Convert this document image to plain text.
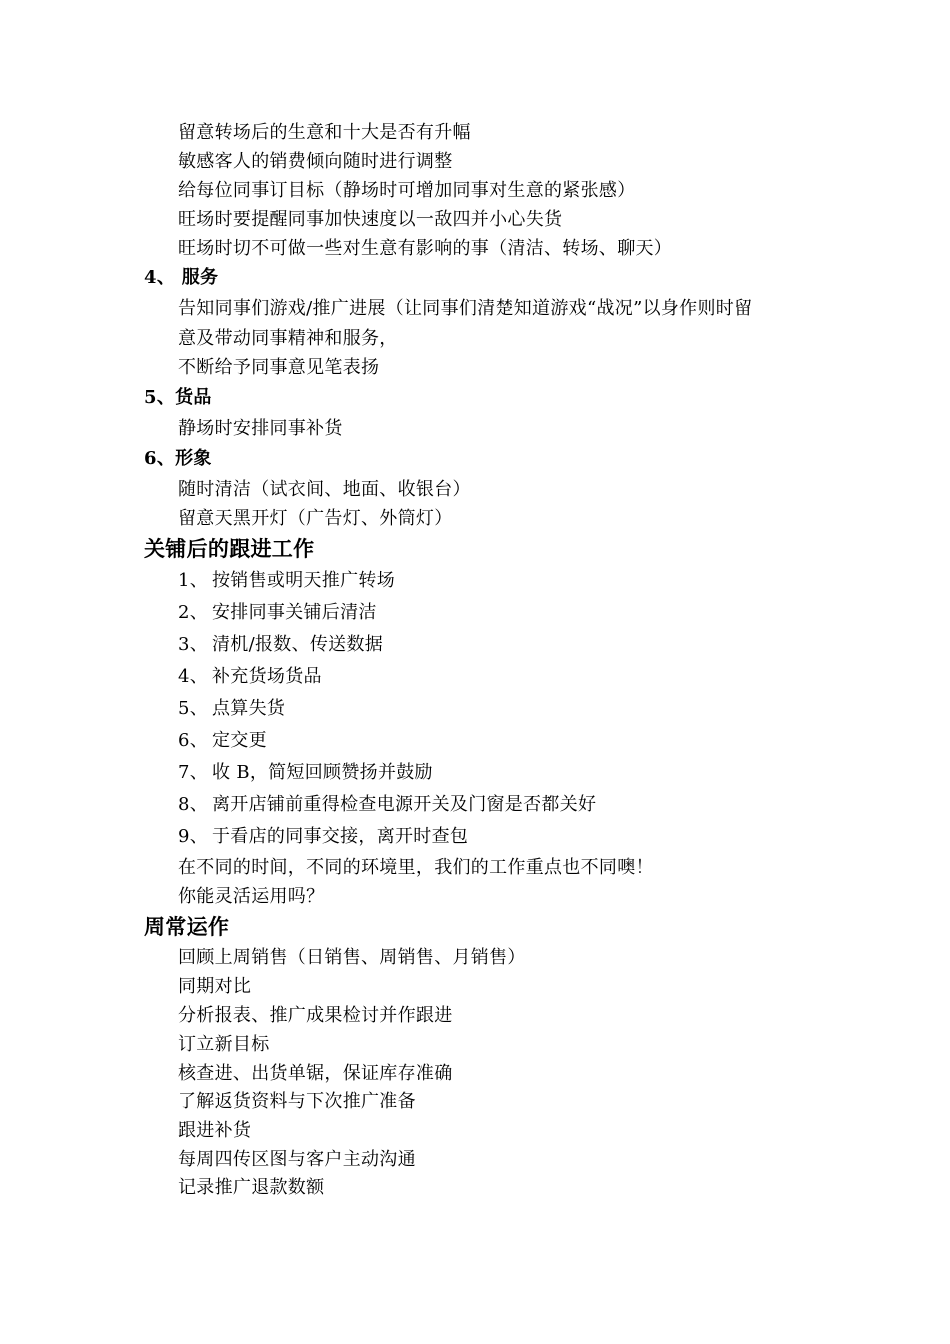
留意转场后的生意和十大是否有升幅
敏感客人的销费倾向随时进行调整
给每位同事订目标（静场时可增加同事对生意的紧张感）
旺场时要提醒同事加快速度以一敌四并小心失货
旺场时切不可做一些对生意有影响的事（清洁、转场、聊天）
4、 服务
告知同事们游戏/推广进展（让同事们清楚知道游戏“战况”以身作则时留
意及带动同事精神和服务，
不断给予同事意见笔表扬
5、货品
静场时安排同事补货
6、形象
随时清洁（试衣间、地面、收银台）
留意天黑开灯（广告灯、外筒灯）
关铺后的跟进工作
1、 按销售或明天推广转场
2、 安排同事关铺后清洁
3、 清机/报数、传送数据
4、 补充货场货品
5、 点算失货
6、 定交更
7、 收 B，简短回顾赞扬并鼓励
8、 离开店铺前重得检查电源开关及门窗是否都关好
9、 于看店的同事交接，离开时查包
在不同的时间，不同的环境里，我们的工作重点也不同噢！
你能灵活运用吗？
周常运作
回顾上周销售（日销售、周销售、月销售）
同期对比
分析报表、推广成果检讨并作跟进
订立新目标
核查进、出货单锯，保证库存准确
了解返货资料与下次推广准备
跟进补货
每周四传区图与客户主动沟通
记录推广退款数额
